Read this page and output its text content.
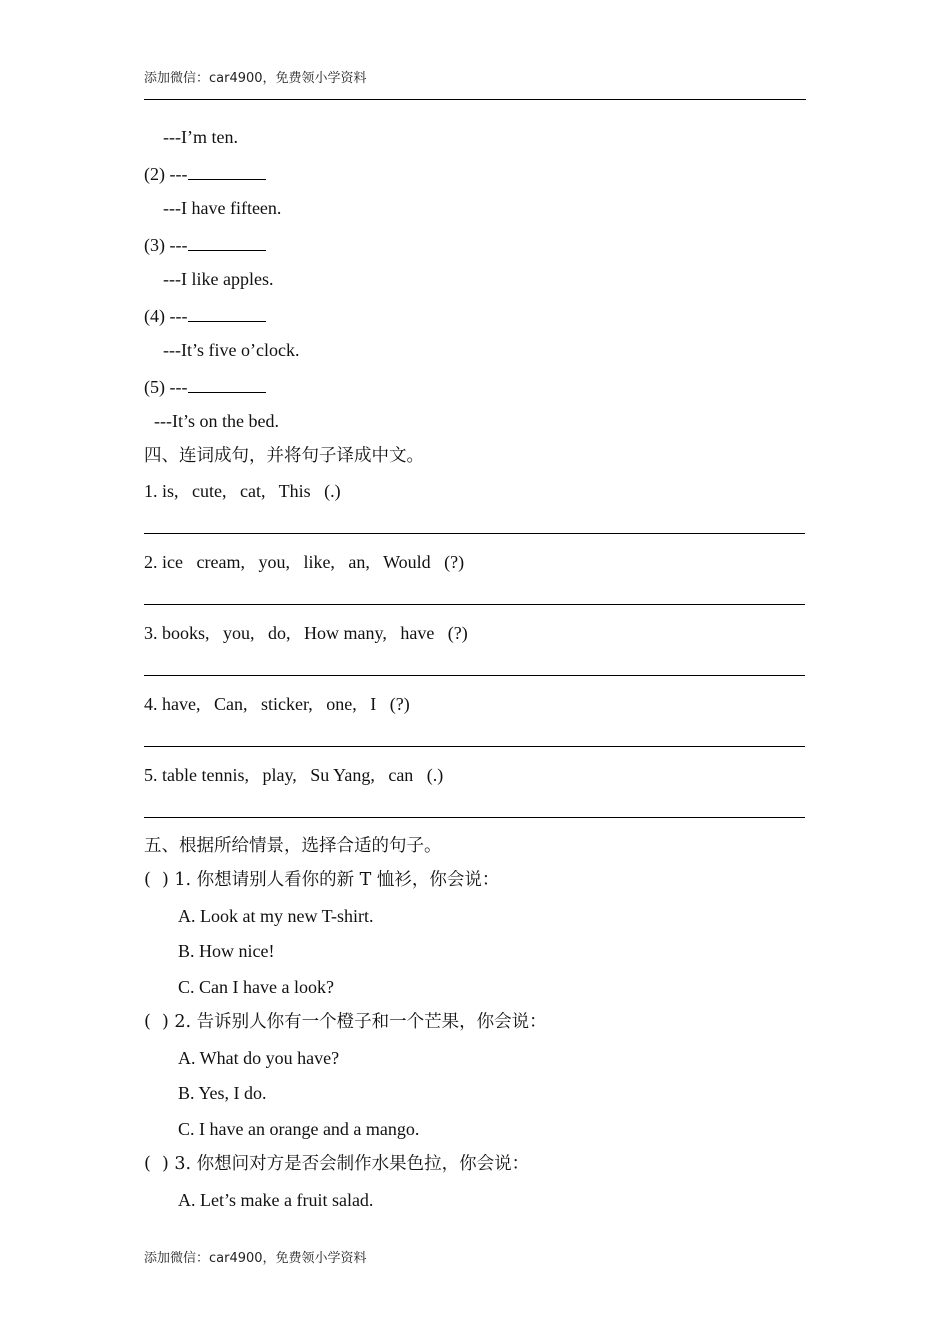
添加微信：car4900，免费领小学资料
---I’m ten.
(2) ---
---I have fifteen.
(3) ---
---I like apples.
(4) ---
---It’s five o’clock.
(5) ---
---It’s on the bed.
四、连词成句，并将句子译成中文。
1. is,   cute,   cat,   This   (.)
2. ice   cream,   you,   like,   an,   Would   (?)
3. books,   you,   do,   How many,   have   (?)
4. have,   Can,   sticker,   one,   I   (?)
5. table tennis,   play,   Su Yang,   can   (.)
五、根据所给情景，选择合适的句子。
(  ) 1. 你想请别人看你的新 T 恤衫，你会说：
A. Look at my new T-shirt.
B. How nice!
C. Can I have a look?
(  ) 2. 告诉别人你有一个橙子和一个芒果，你会说：
A. What do you have?
B. Yes, I do.
C. I have an orange and a mango.
(  ) 3. 你想问对方是否会制作水果色拉，你会说：
A. Let’s make a fruit salad.
添加微信：car4900，免费领小学资料
